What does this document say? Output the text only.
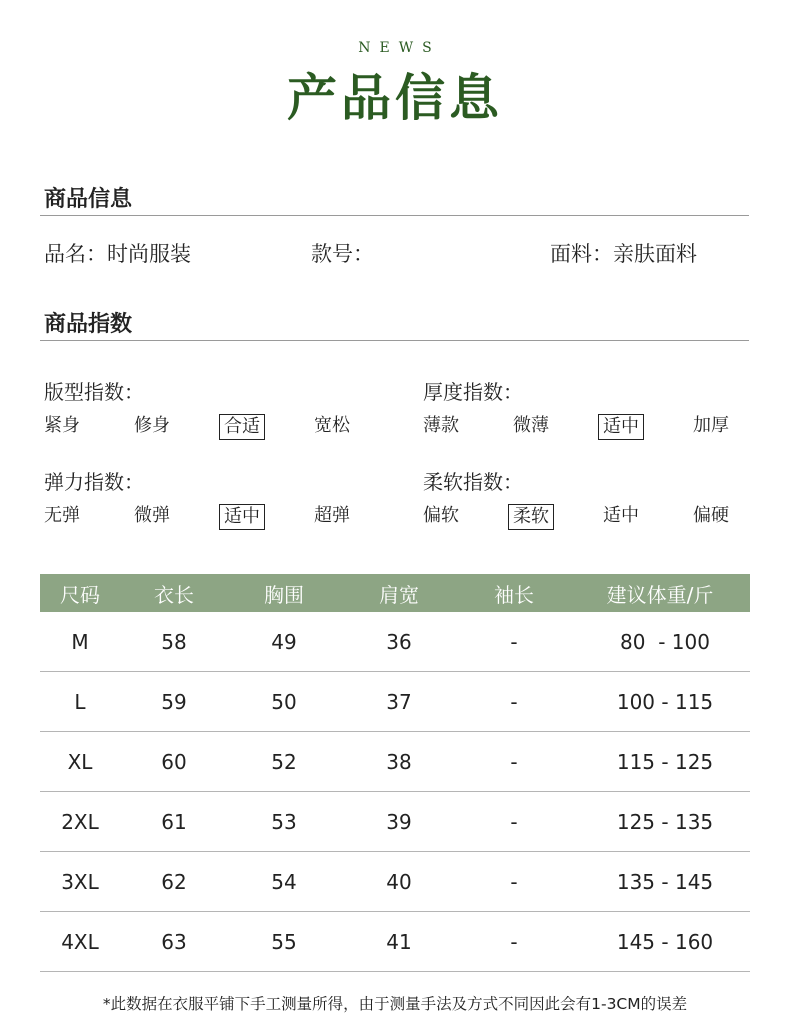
NEWS
产品信息
商品信息
品名：时尚服装	款号：	面料：亲肤面料
商品指数
版型指数：	厚度指数：
弹力指数：	柔软指数：
紧身	修身	合适	宽松	薄款	微薄	适中	加厚
无弹	微弹	适中	超弹	偏软	柔软	适中	偏硬
尺码	衣长	胸围	肩宽	袖长	建议体重/斤
M	58	49	36	-	80  - 100
L	59	50	37	-	100 - 115
XL	60	52	38	-	115 - 125
2XL	61	53	39	-	125 - 135
3XL	62	54	40	-	135 - 145
4XL	63	55	41	-	145 - 160
*此数据在衣服平铺下手工测量所得，由于测量手法及方式不同因此会有1-3CM的误差
